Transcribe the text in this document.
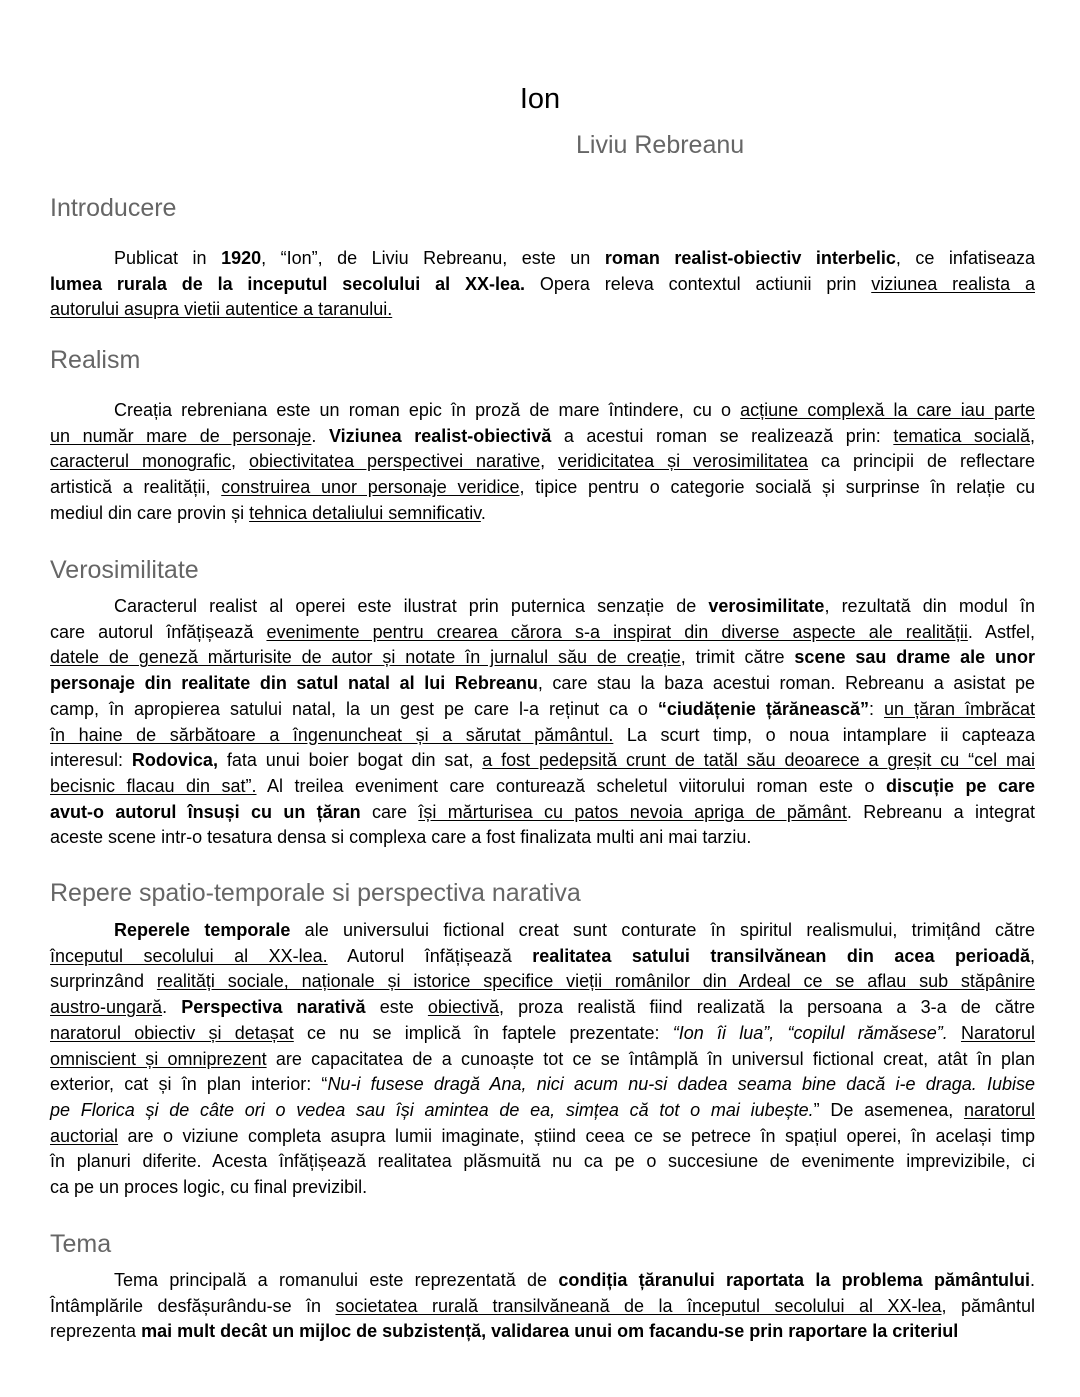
Ion
Liviu Rebreanu
Introducere
Publicat in 1920, “Ion”, de Liviu Rebreanu, este un roman realist-obiectiv interbelic, ce infatiseaza
lumea rurala de la inceputul secolului al XX-lea. Opera releva contextul actiunii prin viziunea realista a
autorului asupra vietii autentice a taranului.
Realism
Creația rebreniana este un roman epic în proză de mare întindere, cu o acțiune complexă la care iau parte
un număr mare de personaje. Viziunea realist-obiectivă a acestui roman se realizează prin: tematica socială,
caracterul monografic, obiectivitatea perspectivei narative, veridicitatea și verosimilitatea ca principii de reflectare
artistică a realității, construirea unor personaje veridice, tipice pentru o categorie socială și surprinse în relație cu
mediul din care provin și tehnica detaliului semnificativ.
Verosimilitate
Caracterul realist al operei este ilustrat prin puternica senzație de verosimilitate, rezultată din modul în
care autorul înfățișează evenimente pentru crearea cărora s-a inspirat din diverse aspecte ale realității. Astfel,
datele de geneză mărturisite de autor și notate în jurnalul său de creație, trimit către scene sau drame ale unor
personaje din realitate din satul natal al lui Rebreanu, care stau la baza acestui roman. Rebreanu a asistat pe
camp, în apropierea satului natal, la un gest pe care l-a reținut ca o “ciudățenie țărănească”: un țăran îmbrăcat
în haine de sărbătoare a îngenuncheat și a sărutat pământul. La scurt timp, o noua intamplare ii capteaza
interesul: Rodovica, fata unui boier bogat din sat, a fost pedepsită crunt de tatăl său deoarece a greșit cu “cel mai
becisnic flacau din sat”. Al treilea eveniment care conturează scheletul viitorului roman este o discuție pe care
avut-o autorul însuși cu un țăran care își mărturisea cu patos nevoia apriga de pământ. Rebreanu a integrat
aceste scene intr-o tesatura densa si complexa care a fost finalizata multi ani mai tarziu.
Repere spatio-temporale si perspectiva narativa
Reperele temporale ale universului fictional creat sunt conturate în spiritul realismului, trimițând către
începutul secolului al XX-lea. Autorul înfățișează realitatea satului transilvănean din acea perioadă,
surprinzând realități sociale, naționale și istorice specifice vieții românilor din Ardeal ce se aflau sub stăpânire
austro-ungară. Perspectiva narativă este obiectivă, proza realistă fiind realizată la persoana a 3-a de către
naratorul obiectiv și detașat ce nu se implică în faptele prezentate: “Ion îi lua”, “copilul rămăsese”. Naratorul
omniscient și omniprezent are capacitatea de a cunoaște tot ce se întâmplă în universul fictional creat, atât în plan
exterior, cat și în plan interior: “Nu-i fusese dragă Ana, nici acum nu-si dadea seama bine dacă i-e draga. Iubise
pe Florica și de câte ori o vedea sau își amintea de ea, simțea că tot o mai iubește.” De asemenea, naratorul
auctorial are o viziune completa asupra lumii imaginate, știind ceea ce se petrece în spațiul operei, în același timp
în planuri diferite. Acesta înfățișează realitatea plăsmuită nu ca pe o succesiune de evenimente imprevizibile, ci
ca pe un proces logic, cu final previzibil.
Tema
Tema principală a romanului este reprezentată de condiția țăranului raportata la problema pământului.
Întâmplările desfășurându-se în societatea rurală transilvăneană de la începutul secolului al XX-lea, pământul
reprezenta mai mult decât un mijloc de subzistență, validarea unui om facandu-se prin raportare la criteriul
